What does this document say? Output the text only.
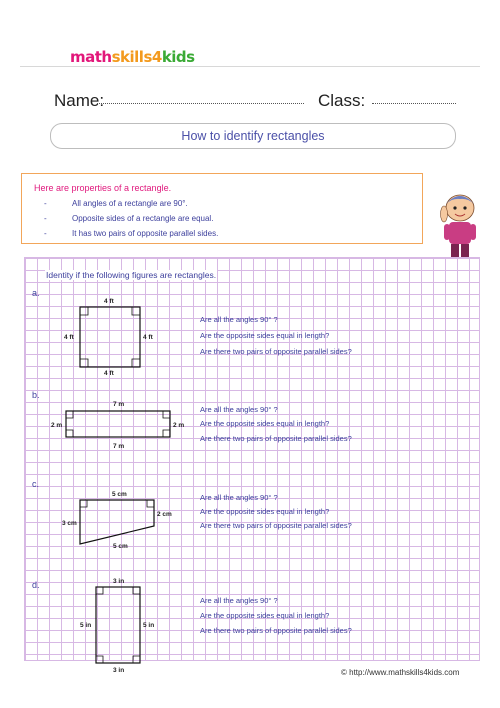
mathskills4kids
Name:	Class:
How to identify rectangles
Here are properties of a rectangle.
-	All angles of a rectangle are 90°.
-	Opposite sides of a rectangle are equal.
-	It has two pairs of opposite parallel sides.
Identity if the following figures are rectangles.
a.
4 ft
4 ft
4 ft	4 ft
Are all the angles 90° ?
Are the opposite sides equal in length?
Are there two pairs of opposite parallel sides?
b.
7 m
7 m
2 m	2 m
Are all the angles 90° ?
Are the opposite sides equal in length?
Are there two pairs of opposite parallel sides?
c.
5 cm
5 cm
3 cm
2 cm
Are all the angles 90° ?
Are the opposite sides equal in length?
Are there two pairs of opposite parallel sides?
d.	3 in
3 in
5 in	5 in
Are all the angles 90° ?
Are the opposite sides equal in length?
Are there two pairs of opposite parallel sides?
© http://www.mathskills4kids.com
